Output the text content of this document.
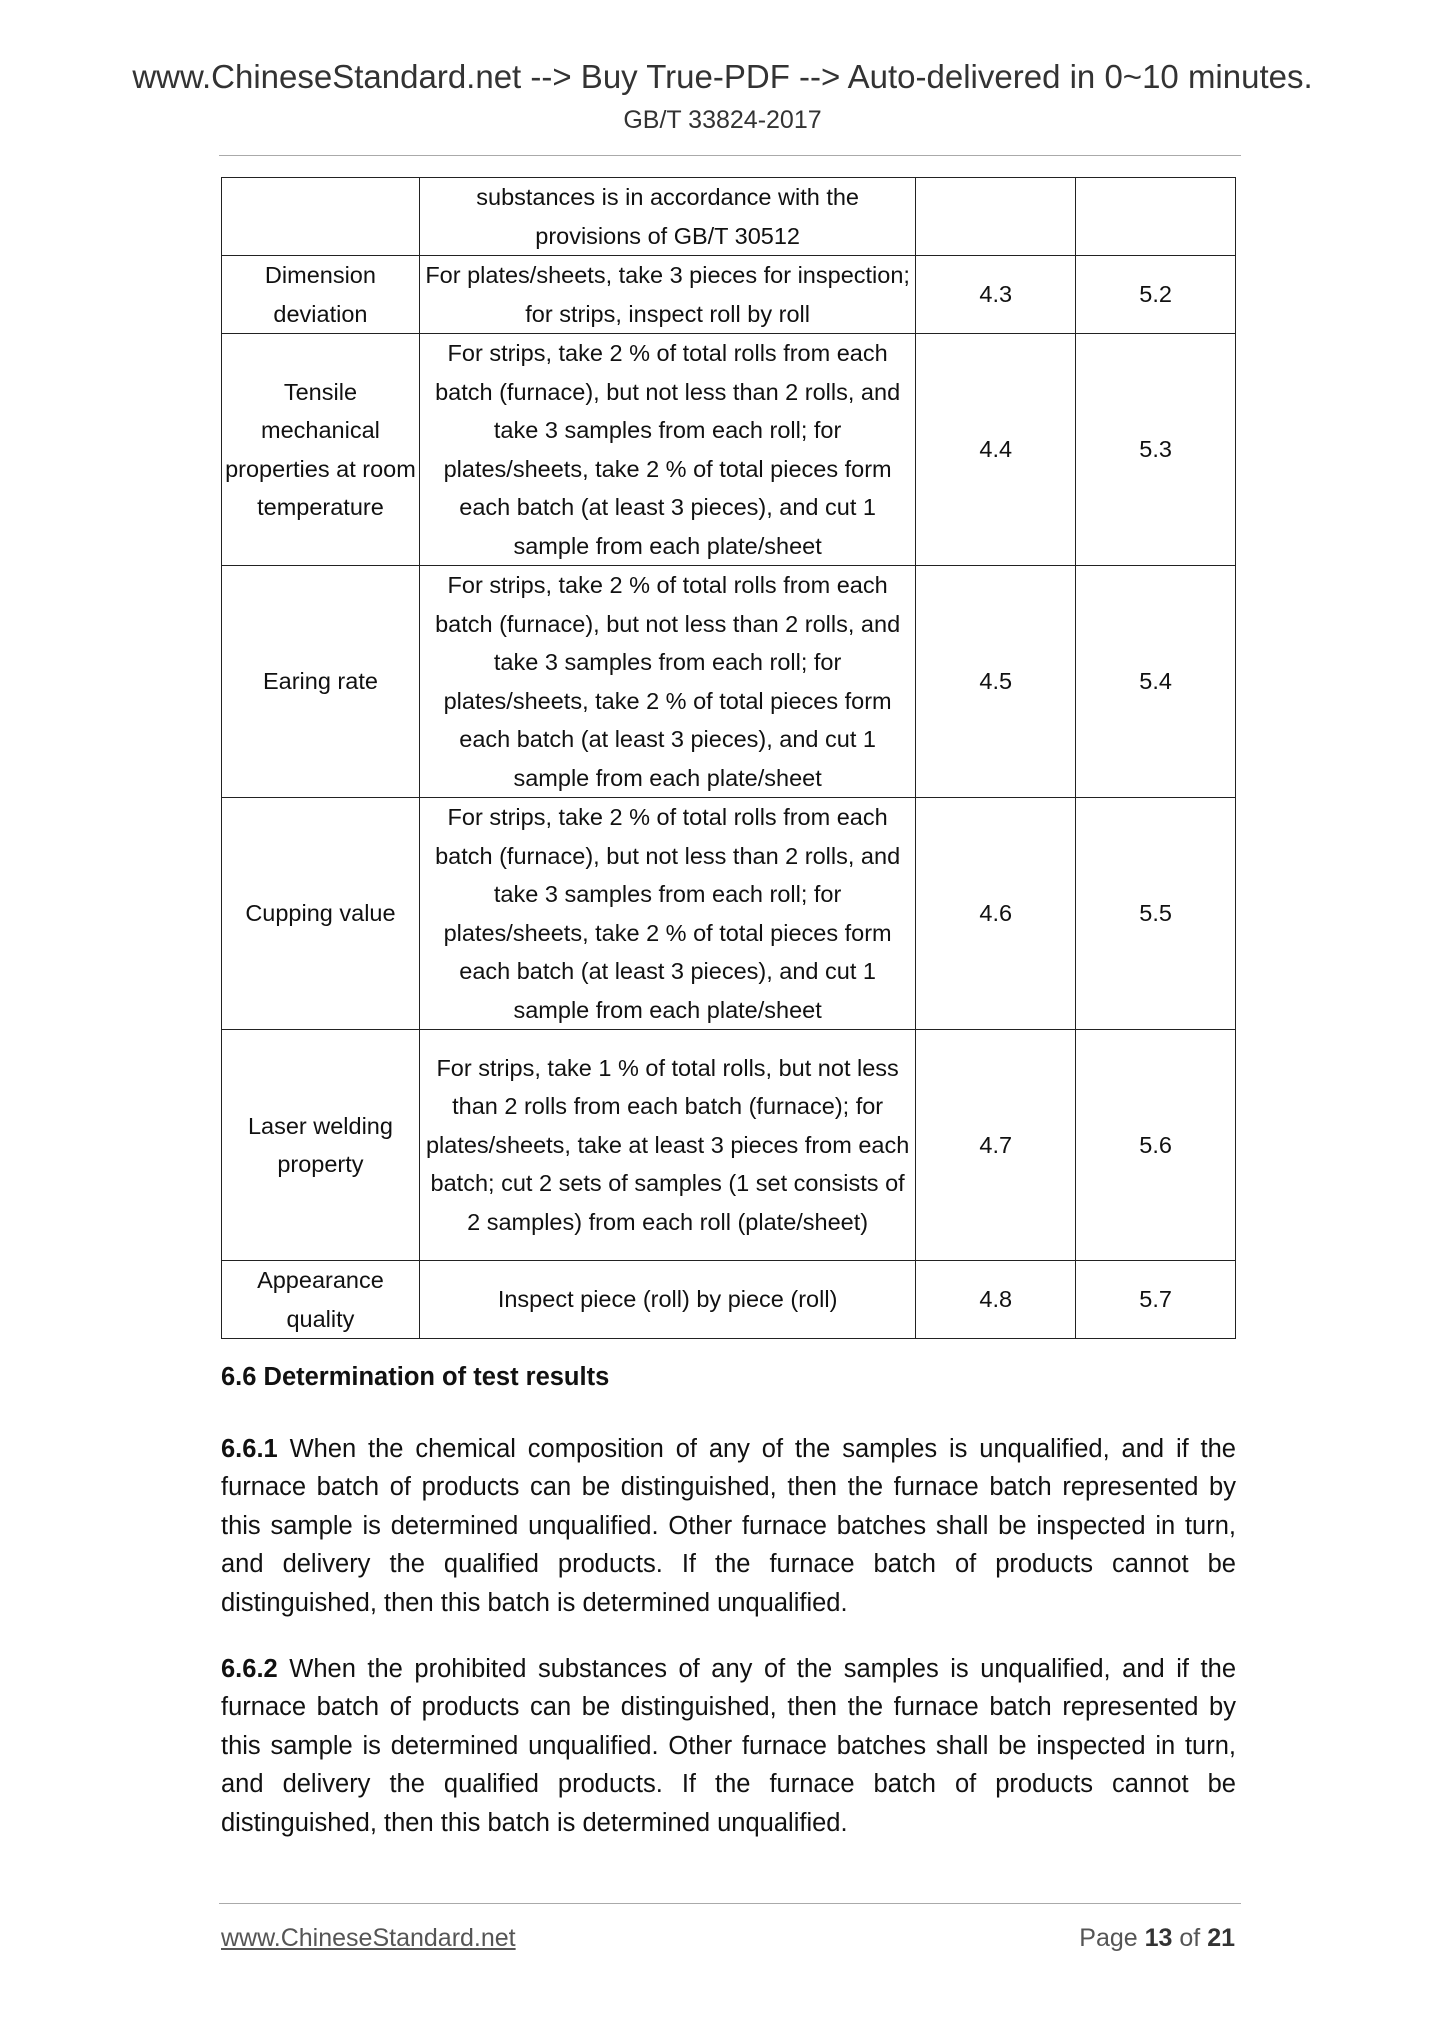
www.ChineseStandard.net --> Buy True-PDF --> Auto-delivered in 0~10 minutes.
GB/T 33824-2017
	substances is in accordance with the provisions of GB/T 30512		
Dimension deviation	For plates/sheets, take 3 pieces for inspection; for strips, inspect roll by roll	4.3	5.2
Tensile mechanical properties at room temperature	For strips, take 2 % of total rolls from each batch (furnace), but not less than 2 rolls, and take 3 samples from each roll; for plates/sheets, take 2 % of total pieces form each batch (at least 3 pieces), and cut 1 sample from each plate/sheet	4.4	5.3
Earing rate	For strips, take 2 % of total rolls from each batch (furnace), but not less than 2 rolls, and take 3 samples from each roll; for plates/sheets, take 2 % of total pieces form each batch (at least 3 pieces), and cut 1 sample from each plate/sheet	4.5	5.4
Cupping value	For strips, take 2 % of total rolls from each batch (furnace), but not less than 2 rolls, and take 3 samples from each roll; for plates/sheets, take 2 % of total pieces form each batch (at least 3 pieces), and cut 1 sample from each plate/sheet	4.6	5.5
Laser welding property	For strips, take 1 % of total rolls, but not less than 2 rolls from each batch (furnace); for plates/sheets, take at least 3 pieces from each batch; cut 2 sets of samples (1 set consists of 2 samples) from each roll (plate/sheet)	4.7	5.6
Appearance quality	Inspect piece (roll) by piece (roll)	4.8	5.7
6.6 Determination of test results
6.6.1 When the chemical composition of any of the samples is unqualified, and if the furnace batch of products can be distinguished, then the furnace batch represented by this sample is determined unqualified. Other furnace batches shall be inspected in turn, and delivery the qualified products. If the furnace batch of products cannot be distinguished, then this batch is determined unqualified.
6.6.2 When the prohibited substances of any of the samples is unqualified, and if the furnace batch of products can be distinguished, then the furnace batch represented by this sample is determined unqualified. Other furnace batches shall be inspected in turn, and delivery the qualified products. If the furnace batch of products cannot be distinguished, then this batch is determined unqualified.
www.ChineseStandard.net	Page 13 of 21
